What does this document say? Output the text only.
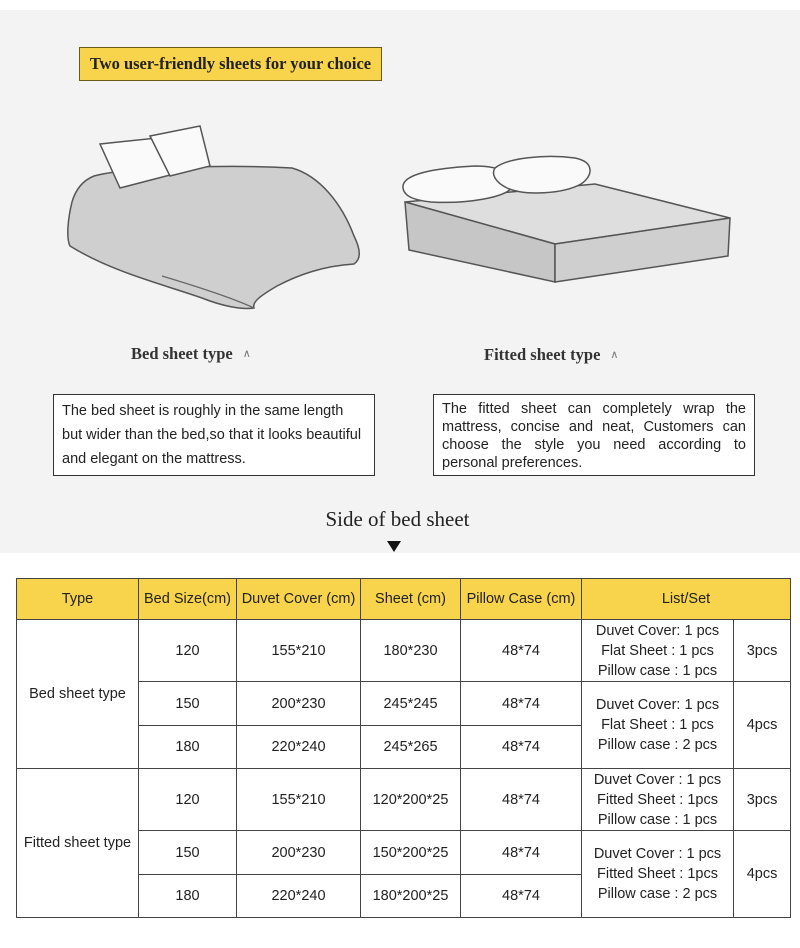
Two user-friendly sheets for your choice
Bed sheet type ∧	Fitted sheet type ∧
The bed sheet is roughly in the same length but wider than the bed,so that it looks beautiful and elegant on the mattress.
The fitted sheet can completely wrap the mattress, concise and neat, Customers can choose the style you need according to personal preferences.
Side of bed sheet
Type	Bed Size(cm)	Duvet Cover (cm)	Sheet (cm)	Pillow Case (cm)	List/Set	
Bed sheet type	120	155*210	180*230	48*74	Duvet Cover: 1 pcs
Flat Sheet : 1 pcs
Pillow case : 1 pcs	3pcs
	150	200*230	245*245	48*74	Duvet Cover: 1 pcs
Flat Sheet : 1 pcs
Pillow case : 2 pcs	4pcs
	180	220*240	245*265	48*74		
Fitted sheet type	120	155*210	120*200*25	48*74	Duvet Cover : 1 pcs
Fitted Sheet : 1pcs
Pillow case : 1 pcs	3pcs
	150	200*230	150*200*25	48*74	Duvet Cover : 1 pcs
Fitted Sheet : 1pcs
Pillow case : 2 pcs	4pcs
	180	220*240	180*200*25	48*74		
